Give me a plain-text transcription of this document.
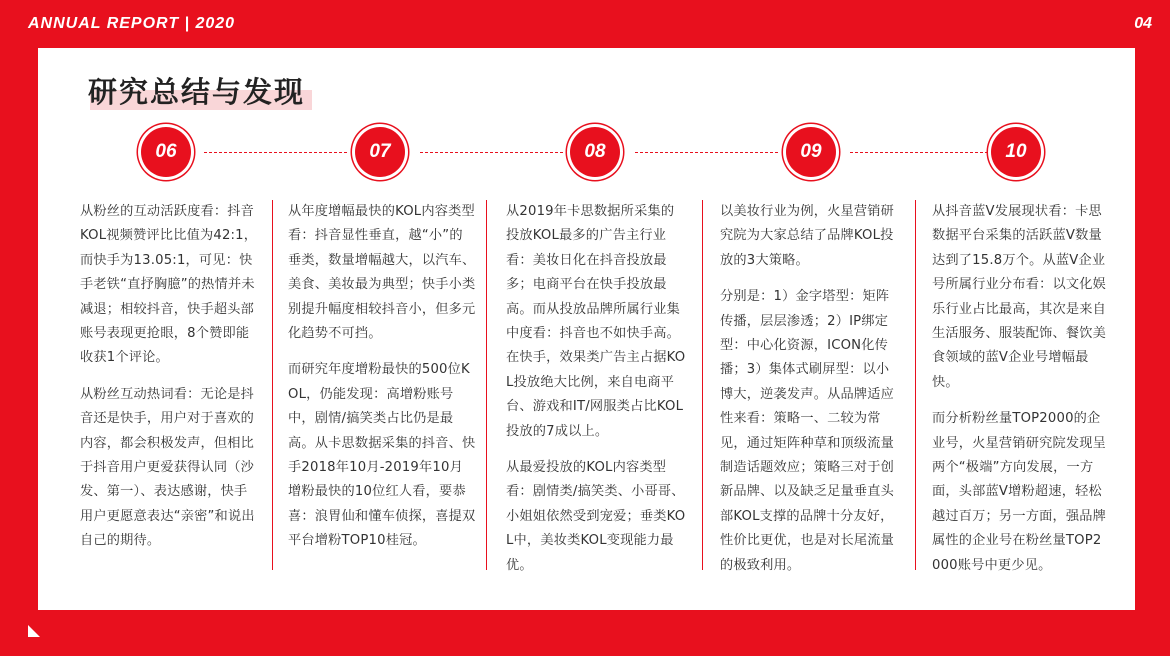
ANNUAL REPORT | 2020	04
研究总结与发现
06	07	08	09	10

从粉丝的互动活跃度看：抖音KOL视频赞评比比值为42:1，而快手为13.05:1，可见：快手老铁“直抒胸臆”的热情并未减退；相较抖音，快手超头部账号表现更抢眼，8个赞即能收获1个评论。

从粉丝互动热词看：无论是抖音还是快手，用户对于喜欢的内容，都会积极发声，但相比于抖音用户更爱获得认同（沙发、第一）、表达感谢，快手用户更愿意表达“亲密”和说出自己的期待。

从年度增幅最快的KOL内容类型看：抖音显性垂直，越“小”的垂类，数量增幅越大，以汽车、美食、美妆最为典型；快手小类别提升幅度相较抖音小，但多元化趋势不可挡。

而研究年度增粉最快的500位KOL，仍能发现：高增粉账号中，剧情/搞笑类占比仍是最高。从卡思数据采集的抖音、快手2018年10月-2019年10月增粉最快的10位红人看，要恭喜：浪胃仙和懂车侦探，喜提双平台增粉TOP10桂冠。

从2019年卡思数据所采集的投放KOL最多的广告主行业看：美妆日化在抖音投放最多；电商平台在快手投放最高。而从投放品牌所属行业集中度看：抖音也不如快手高。在快手，效果类广告主占据KOL投放绝大比例，来自电商平台、游戏和IT/网服类占比KOL投放的7成以上。

从最爱投放的KOL内容类型看：剧情类/搞笑类、小哥哥、小姐姐依然受到宠爱；垂类KOL中，美妆类KOL变现能力最优。

以美妆行业为例，火星营销研究院为大家总结了品牌KOL投放的3大策略。

分别是：1）金字塔型：矩阵传播，层层渗透；2）IP绑定型：中心化资源，ICON化传播；3）集体式刷屏型：以小博大，逆袭发声。从品牌适应性来看：策略一、二较为常见，通过矩阵种草和顶级流量制造话题效应；策略三对于创新品牌、以及缺乏足量垂直头部KOL支撑的品牌十分友好，性价比更优，也是对长尾流量的极致利用。

从抖音蓝V发展现状看：卡思数据平台采集的活跃蓝V数量达到了15.8万个。从蓝V企业号所属行业分布看：以文化娱乐行业占比最高，其次是来自生活服务、服装配饰、餐饮美食领域的蓝V企业号增幅最快。

而分析粉丝量TOP2000的企业号，火星营销研究院发现呈两个“极端”方向发展，一方面，头部蓝V增粉超速，轻松越过百万；另一方面，强品牌属性的企业号在粉丝量TOP2000账号中更少见。
